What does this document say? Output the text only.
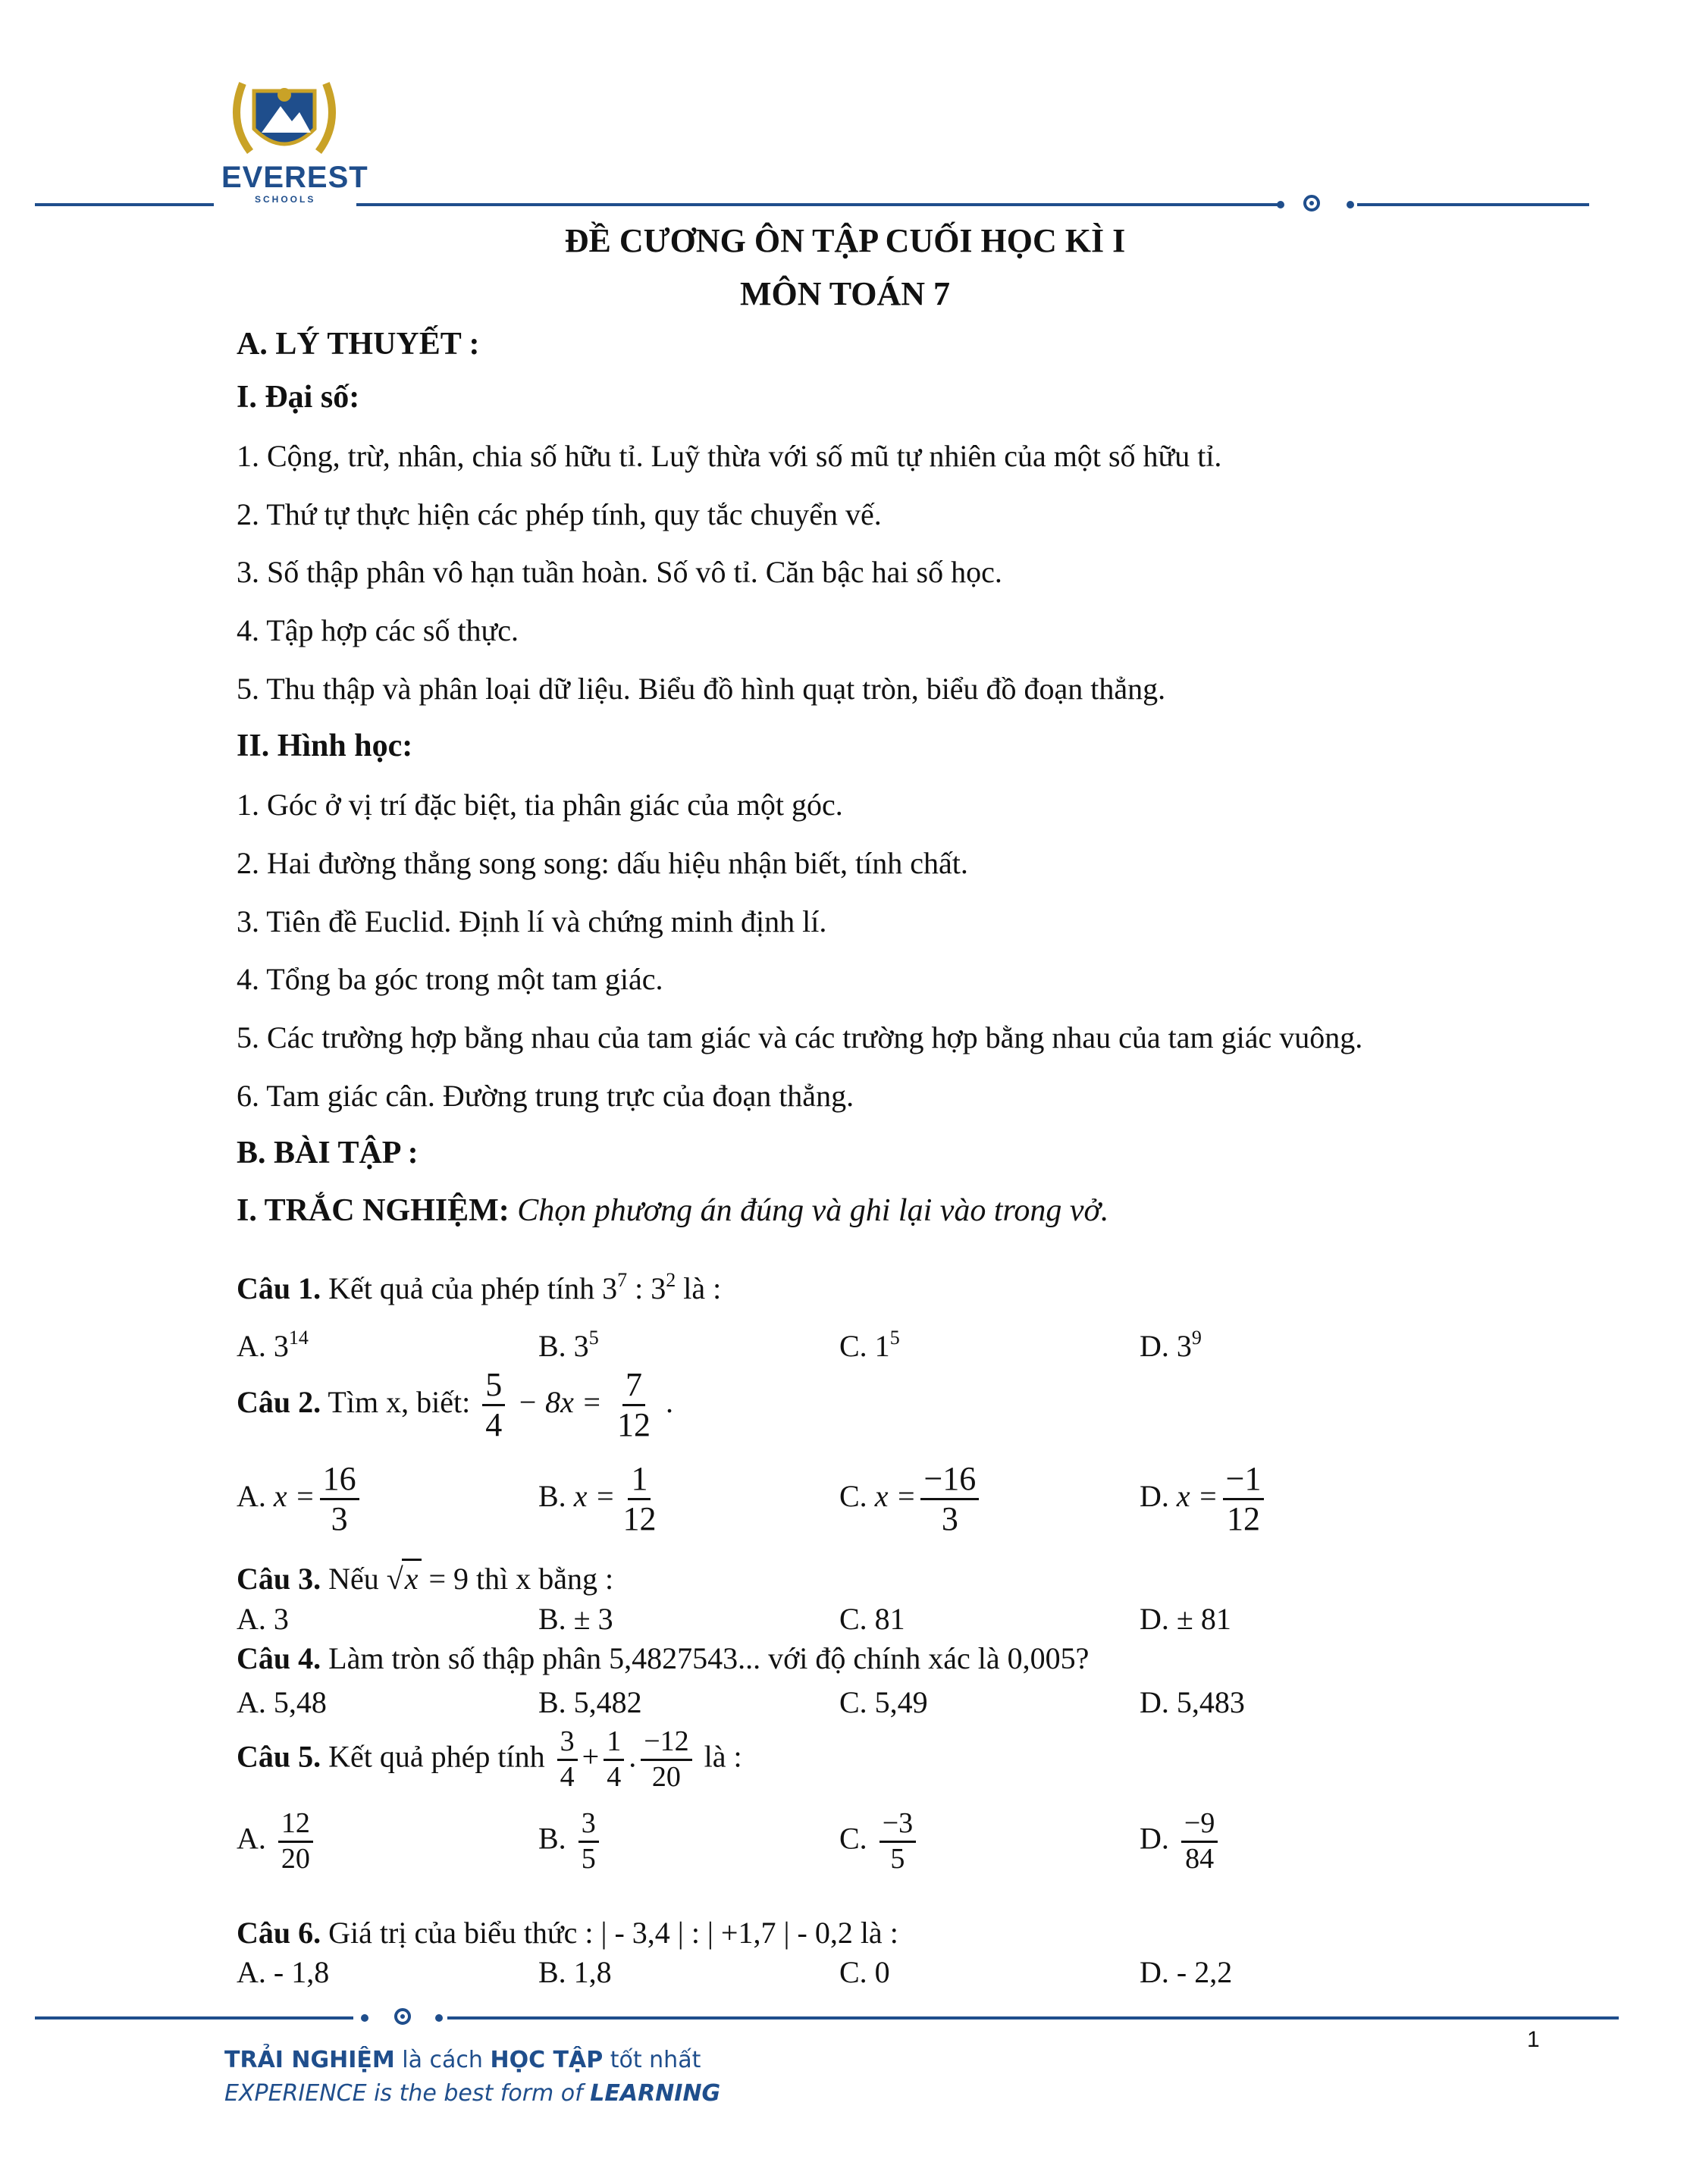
EVEREST
SCHOOLS
ĐỀ CƯƠNG ÔN TẬP CUỐI HỌC KÌ I
MÔN TOÁN 7
A. LÝ THUYẾT :
I. Đại số:
1. Cộng, trừ, nhân, chia số hữu tỉ. Luỹ thừa với số mũ tự nhiên của một số hữu tỉ.
2. Thứ tự thực hiện các phép tính, quy tắc chuyển vế.
3. Số thập phân vô hạn tuần hoàn. Số vô tỉ. Căn bậc hai số học.
4. Tập hợp các số thực.
5. Thu thập và phân loại dữ liệu. Biểu đồ hình quạt tròn, biểu đồ đoạn thẳng.
II. Hình học:
1. Góc ở vị trí đặc biệt, tia phân giác của một góc.
2. Hai đường thẳng song song: dấu hiệu nhận biết, tính chất.
3. Tiên đề Euclid. Định lí và chứng minh định lí.
4. Tổng ba góc trong một tam giác.
5. Các trường hợp bằng nhau của tam giác và các trường hợp bằng nhau của tam giác vuông.
6. Tam giác cân. Đường trung trực của đoạn thẳng.
B. BÀI TẬP :
I. TRẮC NGHIỆM: Chọn phương án đúng và ghi lại vào trong vở.
Câu 1. Kết quả của phép tính $3^7$ : $3^2$ là :
A. $3^{14}$	B. $3^5$	C. $1^5$	D. $3^9$
Câu 2. Tìm x, biết: $\frac{5}{4} - 8x = \frac{7}{12}$ .
A. $x = \frac{16}{3}$	B. $x = \frac{1}{12}$	C. $x = \frac{-16}{3}$	D. $x = \frac{-1}{12}$
Câu 3. Nếu √x = 9 thì x bằng :
A. 3	B. ± 3	C. 81	D. ± 81
Câu 4. Làm tròn số thập phân 5,4827543... với độ chính xác là 0,005?
A. 5,48	B. 5,482	C. 5,49	D. 5,483
Câu 5. Kết quả phép tính $\frac{3}{4} + \frac{1}{4}$ . $\frac{-12}{20}$ là :
A. $\frac{12}{20}$	B. $\frac{3}{5}$	C. $\frac{-3}{5}$	D. $\frac{-9}{84}$
Câu 6. Giá trị của biểu thức : | - 3,4 | : | +1,7 | - 0,2 là :
A. - 1,8	B. 1,8	C. 0	D. - 2,2
TRẢI NGHIỆM là cách HỌC TẬP tốt nhất
EXPERIENCE is the best form of LEARNING
1
